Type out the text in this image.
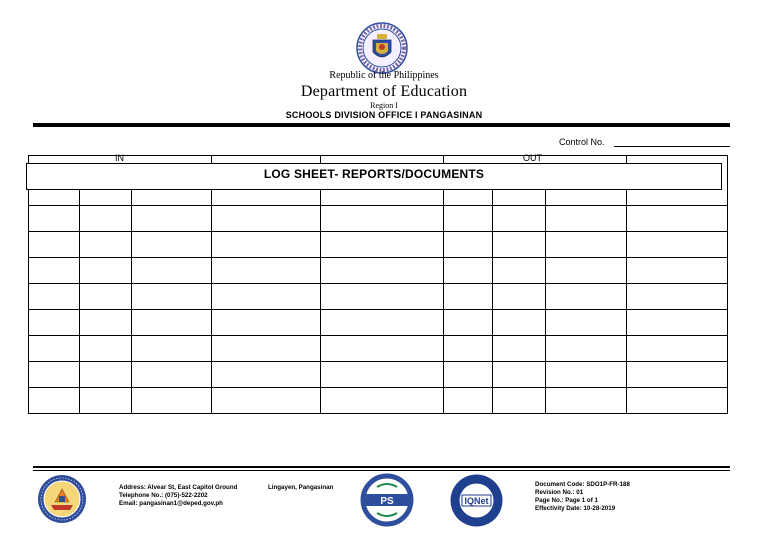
Republic of the Philippines
Department of Education
Region I
SCHOOLS DIVISION OFFICE I PANGASINAN
Control No.
IN	OUT
LOG SHEET- REPORTS/DOCUMENTS
Address: Alvear St, East Capitol Ground
Telephone No.: (075)-522-2202
Email: pangasinan1@deped.gov.ph
Lingayen, Pangasinan
PS	IQNet
Document Code: SDO1P-FR-188
Revision No.: 01
Page No.: Page 1 of 1
Effectivity Date: 10-28-2019
